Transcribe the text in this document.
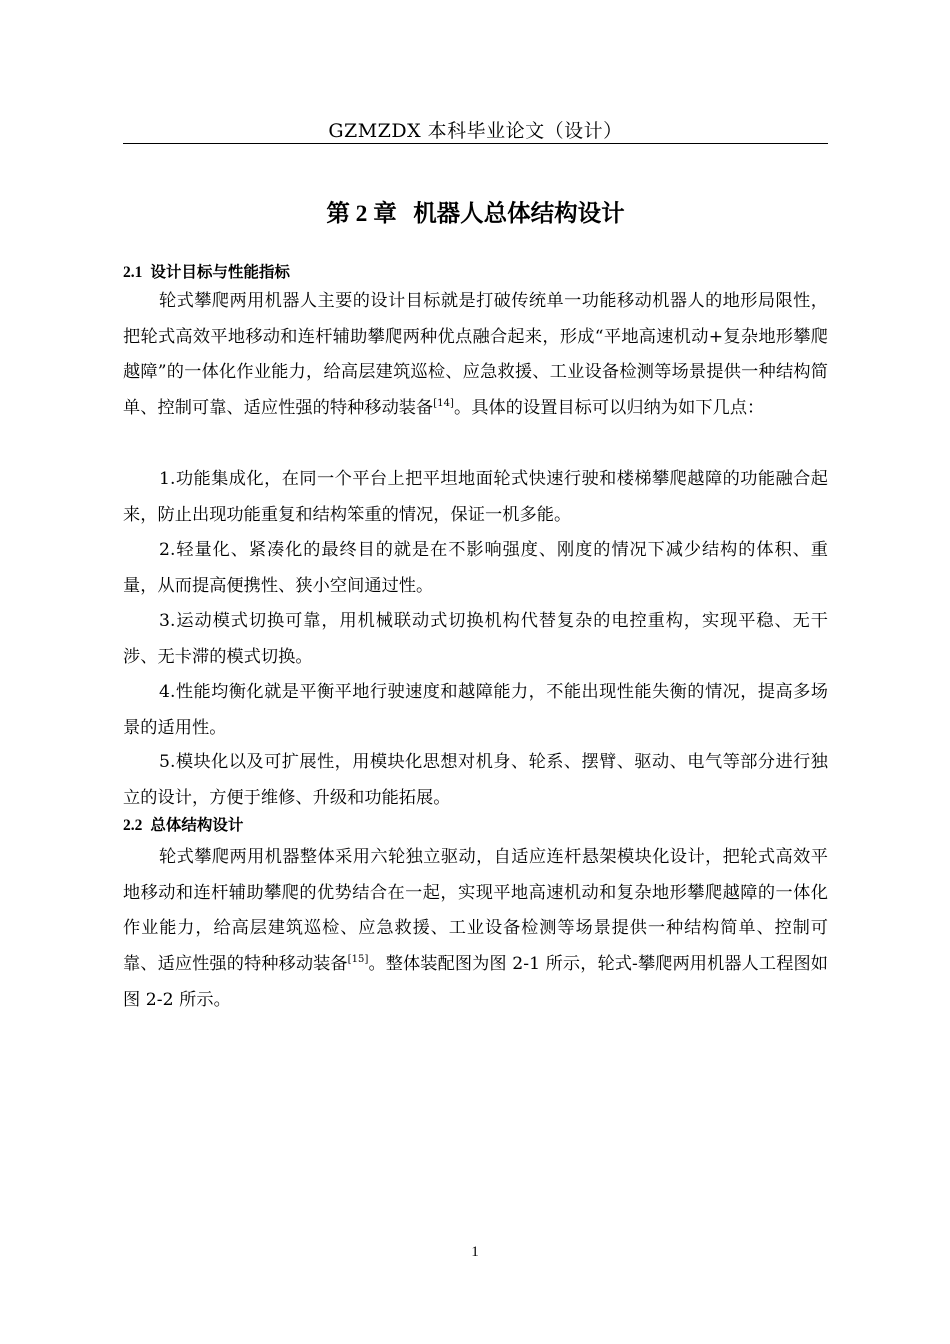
GZMZDX 本科毕业论文（设计）
第 2 章 机器人总体结构设计
2.1 设计目标与性能指标

轮式攀爬两用机器人主要的设计目标就是打破传统单一功能移动机器人的地形局限性，把轮式高效平地移动和连杆辅助攀爬两种优点融合起来，形成“平地高速机动+复杂地形攀爬越障”的一体化作业能力，给高层建筑巡检、应急救援、工业设备检测等场景提供一种结构简单、控制可靠、适应性强的特种移动装备[14]。具体的设置目标可以归纳为如下几点：

1.功能集成化，在同一个平台上把平坦地面轮式快速行驶和楼梯攀爬越障的功能融合起来，防止出现功能重复和结构笨重的情况，保证一机多能。

2.轻量化、紧凑化的最终目的就是在不影响强度、刚度的情况下减少结构的体积、重量，从而提高便携性、狭小空间通过性。

3.运动模式切换可靠，用机械联动式切换机构代替复杂的电控重构，实现平稳、无干涉、无卡滞的模式切换。

4.性能均衡化就是平衡平地行驶速度和越障能力，不能出现性能失衡的情况，提高多场景的适用性。

5.模块化以及可扩展性，用模块化思想对机身、轮系、摆臂、驱动、电气等部分进行独立的设计，方便于维修、升级和功能拓展。

2.2 总体结构设计

轮式攀爬两用机器整体采用六轮独立驱动，自适应连杆悬架模块化设计，把轮式高效平地移动和连杆辅助攀爬的优势结合在一起，实现平地高速机动和复杂地形攀爬越障的一体化作业能力，给高层建筑巡检、应急救援、工业设备检测等场景提供一种结构简单、控制可靠、适应性强的特种移动装备[15]。整体装配图为图 2-1 所示，轮式-攀爬两用机器人工程图如图 2-2 所示。

1
